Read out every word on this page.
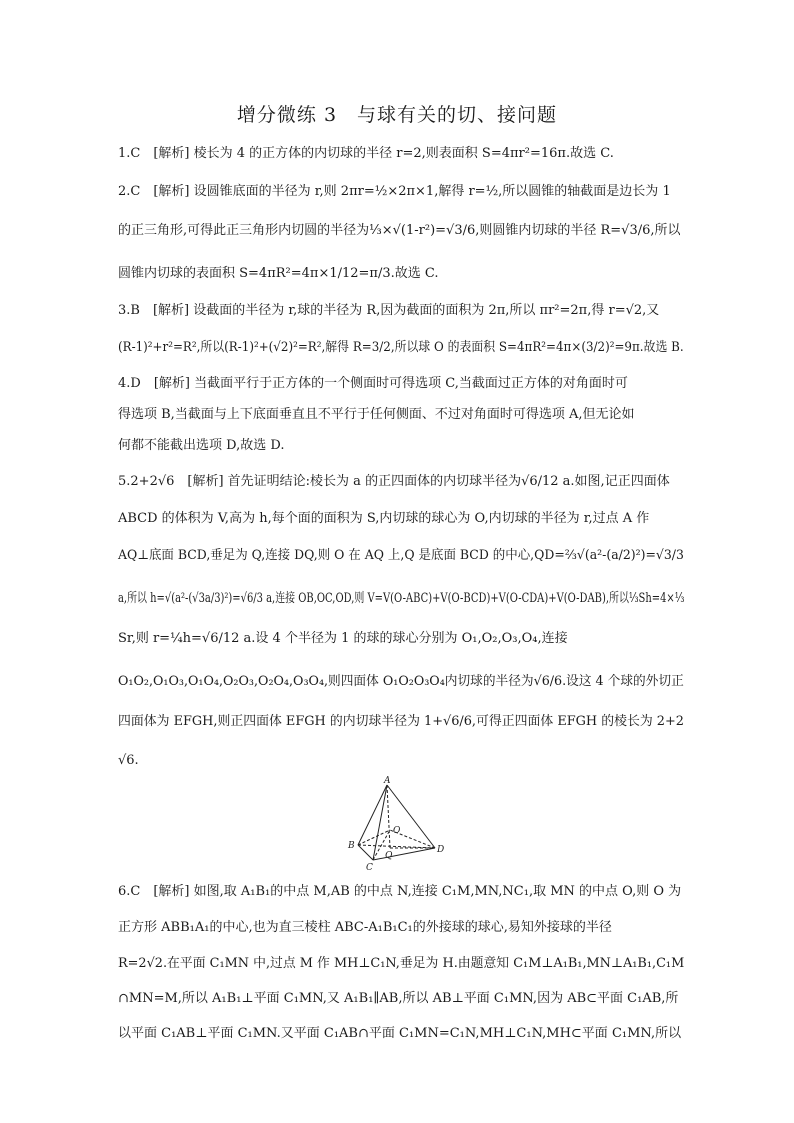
增分微练 3　与球有关的切、接问题
1.C　[解析] 棱长为 4 的正方体的内切球的半径 r=2,则表面积 S=4πr²=16π.故选 C.
2.C　[解析] 设圆锥底面的半径为 r,则 2πr=½×2π×1,解得 r=½,所以圆锥的轴截面是边长为 1
的正三角形,可得此正三角形内切圆的半径为⅓×√(1-r²)=√3/6,则圆锥内切球的半径 R=√3/6,所以
圆锥内切球的表面积 S=4πR²=4π×1/12=π/3.故选 C.
3.B　[解析] 设截面的半径为 r,球的半径为 R,因为截面的面积为 2π,所以 πr²=2π,得 r=√2,又
(R-1)²+r²=R²,所以(R-1)²+(√2)²=R²,解得 R=3/2,所以球 O 的表面积 S=4πR²=4π×(3/2)²=9π.故选 B.
4.D　[解析] 当截面平行于正方体的一个侧面时可得选项 C,当截面过正方体的对角面时可
得选项 B,当截面与上下底面垂直且不平行于任何侧面、不过对角面时可得选项 A,但无论如
何都不能截出选项 D,故选 D.
5.2+2√6　[解析] 首先证明结论:棱长为 a 的正四面体的内切球半径为√6/12 a.如图,记正四面体
ABCD 的体积为 V,高为 h,每个面的面积为 S,内切球的球心为 O,内切球的半径为 r,过点 A 作
AQ⊥底面 BCD,垂足为 Q,连接 DQ,则 O 在 AQ 上,Q 是底面 BCD 的中心,QD=⅔√(a²-(a/2)²)=√3/3
a,所以 h=√(a²-(√3a/3)²)=√6/3 a,连接 OB,OC,OD,则 V=V(O-ABC)+V(O-BCD)+V(O-CDA)+V(O-DAB),所以⅓Sh=4×⅓
Sr,则 r=¼h=√6/12 a.设 4 个半径为 1 的球的球心分别为 O₁,O₂,O₃,O₄,连接
O₁O₂,O₁O₃,O₁O₄,O₂O₃,O₂O₄,O₃O₄,则四面体 O₁O₂O₃O₄内切球的半径为√6/6.设这 4 个球的外切正
四面体为 EFGH,则正四面体 EFGH 的内切球半径为 1+√6/6,可得正四面体 EFGH 的棱长为 2+2
√6.
A
B
C
D
O
Q
6.C　[解析] 如图,取 A₁B₁的中点 M,AB 的中点 N,连接 C₁M,MN,NC₁,取 MN 的中点 O,则 O 为
正方形 ABB₁A₁的中心,也为直三棱柱 ABC-A₁B₁C₁的外接球的球心,易知外接球的半径
R=2√2.在平面 C₁MN 中,过点 M 作 MH⊥C₁N,垂足为 H.由题意知 C₁M⊥A₁B₁,MN⊥A₁B₁,C₁M
∩MN=M,所以 A₁B₁⊥平面 C₁MN,又 A₁B₁∥AB,所以 AB⊥平面 C₁MN,因为 AB⊂平面 C₁AB,所
以平面 C₁AB⊥平面 C₁MN.又平面 C₁AB∩平面 C₁MN=C₁N,MH⊥C₁N,MH⊂平面 C₁MN,所以
